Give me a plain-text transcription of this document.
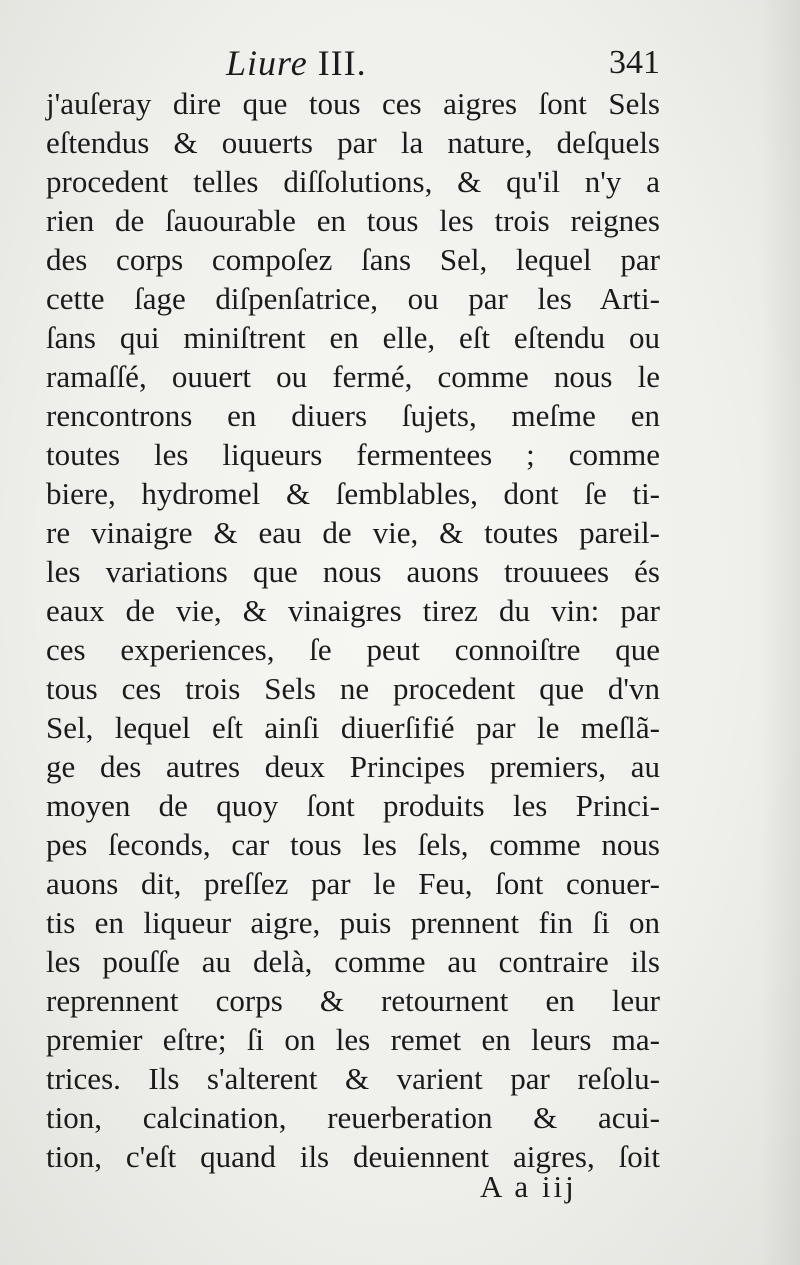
Liure III.	341
j'auſeray dire que tous ces aigres ſont Sels
eſtendus & ouuerts par la nature, deſquels
procedent telles diſſolutions, & qu'il n'y a
rien de ſauourable en tous les trois reignes
des corps compoſez ſans Sel, lequel par
cette ſage diſpenſatrice, ou par les Arti-
ſans qui miniſtrent en elle, eſt eſtendu ou
ramaſſé, ouuert ou fermé, comme nous le
rencontrons en diuers ſujets, meſme en
toutes les liqueurs fermentees ; comme
biere, hydromel & ſemblables, dont ſe ti-
re vinaigre & eau de vie, & toutes pareil-
les variations que nous auons trouuees és
eaux de vie, & vinaigres tirez du vin: par
ces experiences, ſe peut connoiſtre que
tous ces trois Sels ne procedent que d'vn
Sel, lequel eſt ainſi diuerſifié par le meſlã-
ge des autres deux Principes premiers, au
moyen de quoy ſont produits les Princi-
pes ſeconds, car tous les ſels, comme nous
auons dit, preſſez par le Feu, ſont conuer-
tis en liqueur aigre, puis prennent fin ſi on
les pouſſe au delà, comme au contraire ils
reprennent corps & retournent en leur
premier eſtre; ſi on les remet en leurs ma-
trices. Ils s'alterent & varient par reſolu-
tion, calcination, reuerberation & acui-
tion, c'eſt quand ils deuiennent aigres, ſoit
A a iij
